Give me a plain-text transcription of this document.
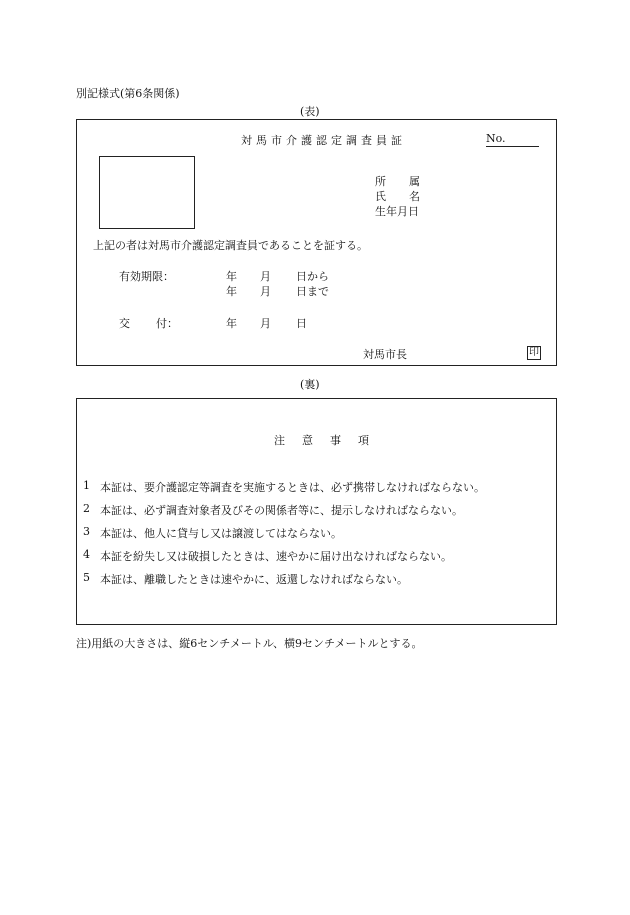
別記様式(第6条関係)
(表)
対馬市介護認定調査員証	No.
所 属
氏 名
生年月日
上記の者は対馬市介護認定調査員であることを証する。
有効期限：	年 月 日から
年 月 日まで
交 付：	年 月 日
対馬市長	印
(裏)
注 意 事 項
1 本証は、要介護認定等調査を実施するときは、必ず携帯しなければならない。
2 本証は、必ず調査対象者及びその関係者等に、提示しなければならない。
3 本証は、他人に貸与し又は譲渡してはならない。
4 本証を紛失し又は破損したときは、速やかに届け出なければならない。
5 本証は、離職したときは速やかに、返還しなければならない。
注)用紙の大きさは、縦6センチメートル、横9センチメートルとする。
